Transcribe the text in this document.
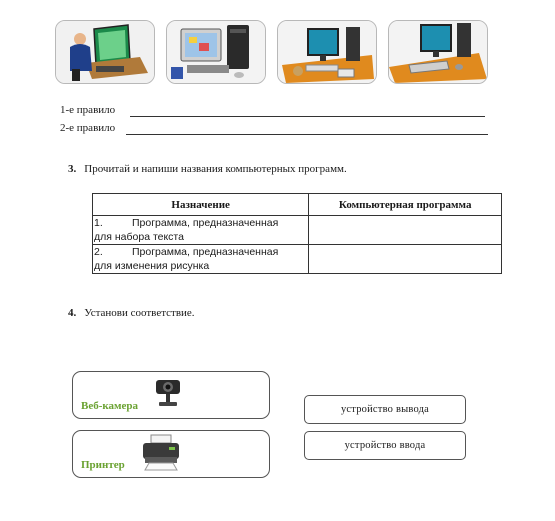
1-е правило
2-е правило
3. Прочитай и напиши названия компьютерных программ.
Назначение	Компьютерная программа
1. Программа, предназначенная
для набора текста	
2. Программа, предназначенная
для изменения рисунка	
4. Установи соответствие.
Веб-камера
Принтер
устройство вывода
устройство ввода
